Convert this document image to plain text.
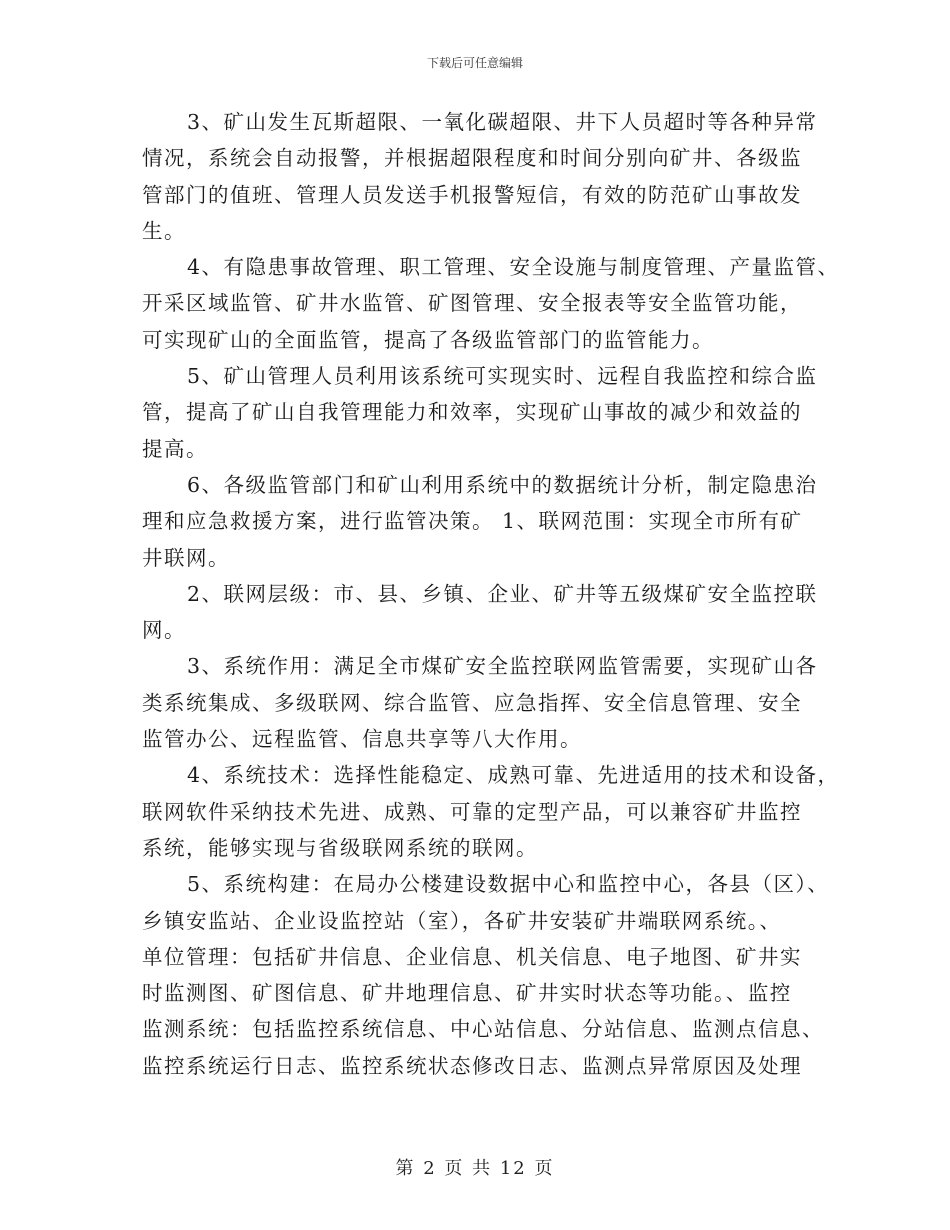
下载后可任意编辑
3、矿山发生瓦斯超限、一氧化碳超限、井下人员超时等各种异常
情况，系统会自动报警，并根据超限程度和时间分别向矿井、各级监
管部门的值班、管理人员发送手机报警短信，有效的防范矿山事故发
生。
4、有隐患事故管理、职工管理、安全设施与制度管理、产量监管、
开采区域监管、矿井水监管、矿图管理、安全报表等安全监管功能，
可实现矿山的全面监管，提高了各级监管部门的监管能力。
5、矿山管理人员利用该系统可实现实时、远程自我监控和综合监
管，提高了矿山自我管理能力和效率，实现矿山事故的减少和效益的
提高。
6、各级监管部门和矿山利用系统中的数据统计分析，制定隐患治
理和应急救援方案，进行监管决策。 1、联网范围：实现全市所有矿
井联网。
2、联网层级：市、县、乡镇、企业、矿井等五级煤矿安全监控联
网。
3、系统作用：满足全市煤矿安全监控联网监管需要，实现矿山各
类系统集成、多级联网、综合监管、应急指挥、安全信息管理、安全
监管办公、远程监管、信息共享等八大作用。
4、系统技术：选择性能稳定、成熟可靠、先进适用的技术和设备，
联网软件采纳技术先进、成熟、可靠的定型产品，可以兼容矿井监控
系统，能够实现与省级联网系统的联网。
5、系统构建：在局办公楼建设数据中心和监控中心，各县（区）、
乡镇安监站、企业设监控站（室），各矿井安装矿井端联网系统。、
单位管理：包括矿井信息、企业信息、机关信息、电子地图、矿井实
时监测图、矿图信息、矿井地理信息、矿井实时状态等功能。、监控
监测系统：包括监控系统信息、中心站信息、分站信息、监测点信息、
监控系统运行日志、监控系统状态修改日志、监测点异常原因及处理
第 2 页 共 12 页
